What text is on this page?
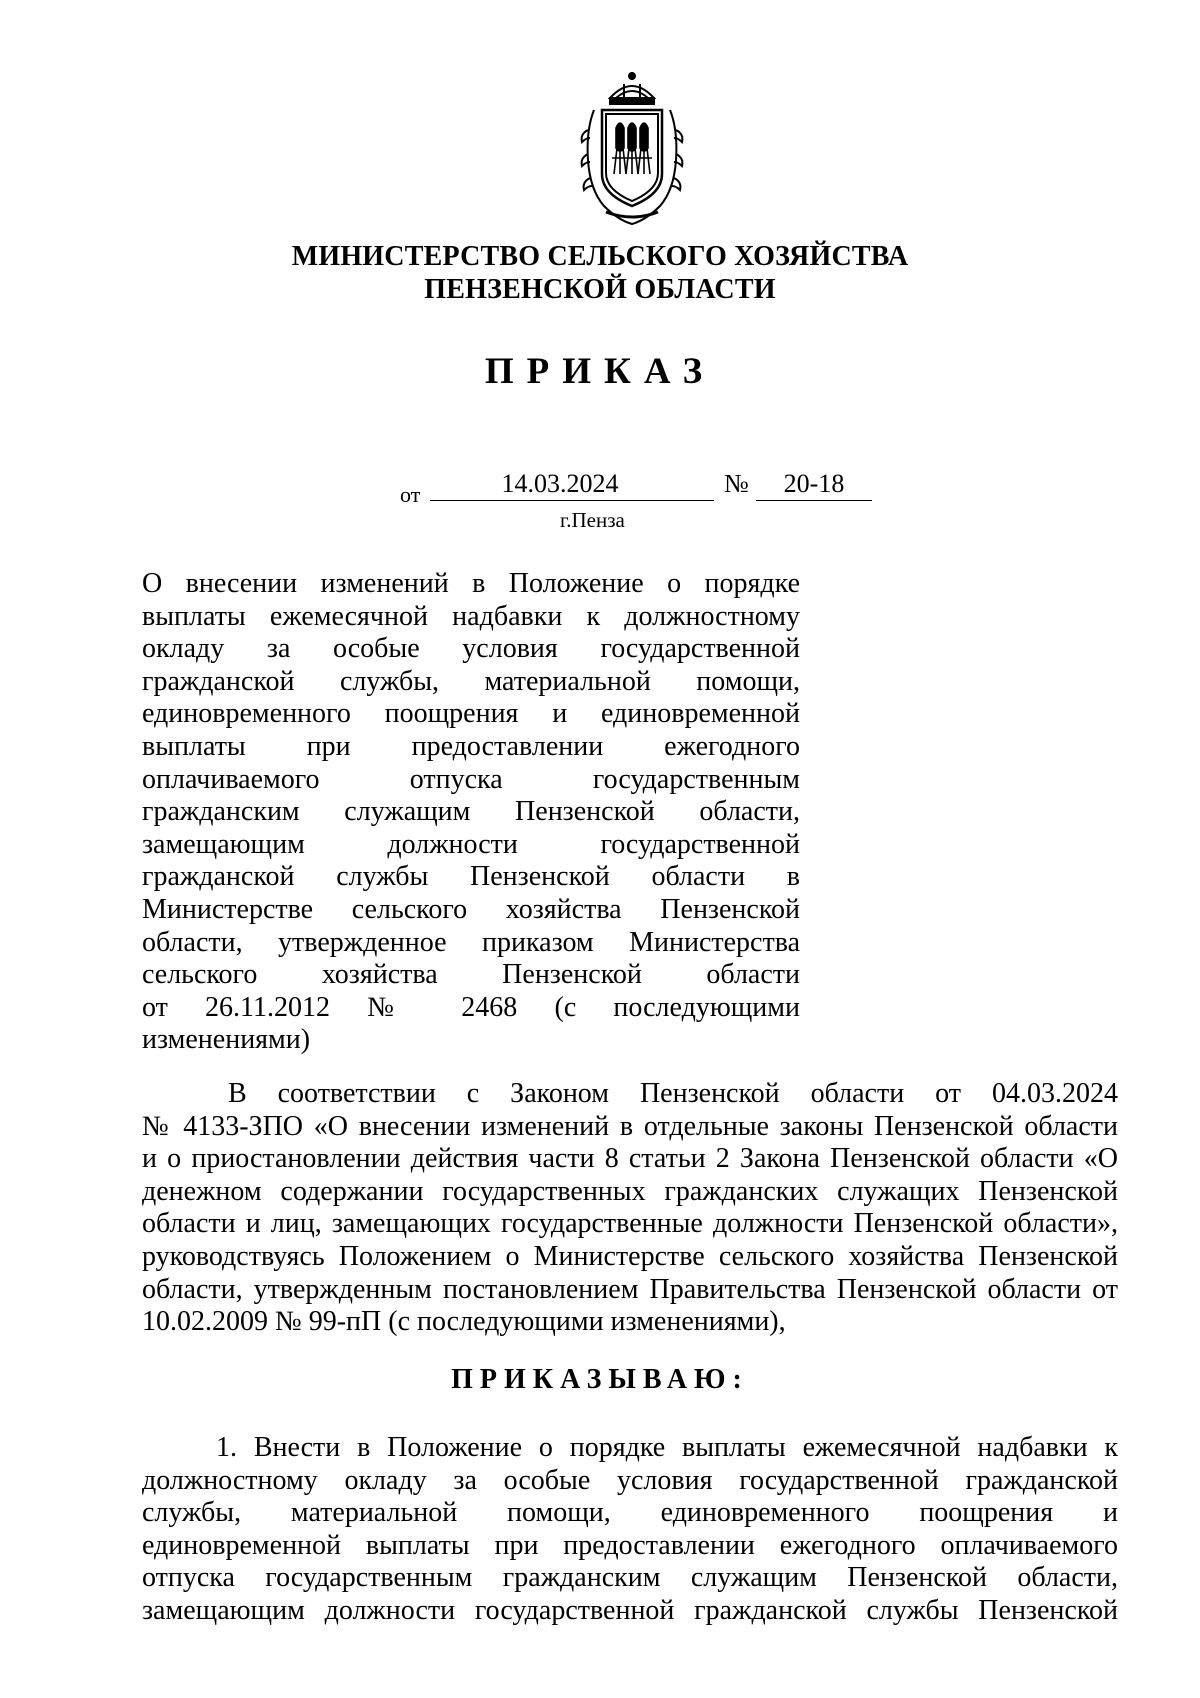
МИНИСТЕРСТВО СЕЛЬСКОГО ХОЗЯЙСТВА
ПЕНЗЕНСКОЙ ОБЛАСТИ
ПРИКАЗ
от	14.03.2024	№	20-18
г.Пенза
О внесении изменений в Положение о порядке
выплаты ежемесячной надбавки к должностному
окладу за особые условия государственной
гражданской службы, материальной помощи,
единовременного поощрения и единовременной
выплаты при предоставлении ежегодного
оплачиваемого отпуска государственным
гражданским служащим Пензенской области,
замещающим должности государственной
гражданской службы Пензенской области в
Министерстве сельского хозяйства Пензенской
области, утвержденное приказом Министерства
сельского хозяйства Пензенской области
от 26.11.2012 № 2468 (с последующими
изменениями)
В соответствии с Законом Пензенской области от 04.03.2024
№ 4133-ЗПО «О внесении изменений в отдельные законы Пензенской области
и о приостановлении действия части 8 статьи 2 Закона Пензенской области «О
денежном содержании государственных гражданских служащих Пензенской
области и лиц, замещающих государственные должности Пензенской области»,
руководствуясь Положением о Министерстве сельского хозяйства Пензенской
области, утвержденным постановлением Правительства Пензенской области от
10.02.2009 № 99-пП (с последующими изменениями),
ПРИКАЗЫВАЮ:
1. Внести в Положение о порядке выплаты ежемесячной надбавки к
должностному окладу за особые условия государственной гражданской
службы, материальной помощи, единовременного поощрения и
единовременной выплаты при предоставлении ежегодного оплачиваемого
отпуска государственным гражданским служащим Пензенской области,
замещающим должности государственной гражданской службы Пензенской
